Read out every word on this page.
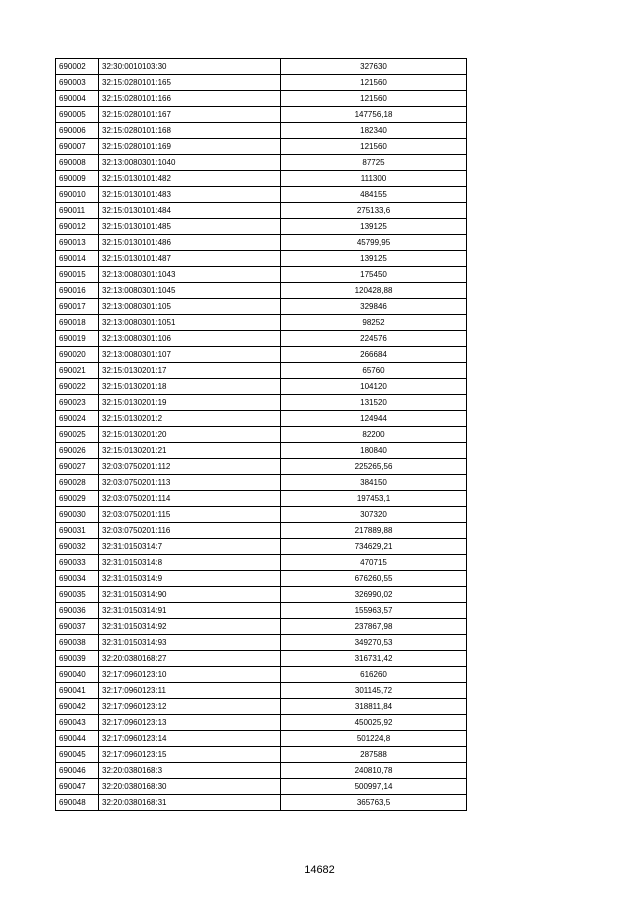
690002	32:30:0010103:30	327630
690003	32:15:0280101:165	121560
690004	32:15:0280101:166	121560
690005	32:15:0280101:167	147756,18
690006	32:15:0280101:168	182340
690007	32:15:0280101:169	121560
690008	32:13:0080301:1040	87725
690009	32:15:0130101:482	111300
690010	32:15:0130101:483	484155
690011	32:15:0130101:484	275133,6
690012	32:15:0130101:485	139125
690013	32:15:0130101:486	45799,95
690014	32:15:0130101:487	139125
690015	32:13:0080301:1043	175450
690016	32:13:0080301:1045	120428,88
690017	32:13:0080301:105	329846
690018	32:13:0080301:1051	98252
690019	32:13:0080301:106	224576
690020	32:13:0080301:107	266684
690021	32:15:0130201:17	65760
690022	32:15:0130201:18	104120
690023	32:15:0130201:19	131520
690024	32:15:0130201:2	124944
690025	32:15:0130201:20	82200
690026	32:15:0130201:21	180840
690027	32:03:0750201:112	225265,56
690028	32:03:0750201:113	384150
690029	32:03:0750201:114	197453,1
690030	32:03:0750201:115	307320
690031	32:03:0750201:116	217889,88
690032	32:31:0150314:7	734629,21
690033	32:31:0150314:8	470715
690034	32:31:0150314:9	676260,55
690035	32:31:0150314:90	326990,02
690036	32:31:0150314:91	155963,57
690037	32:31:0150314:92	237867,98
690038	32:31:0150314:93	349270,53
690039	32:20:0380168:27	316731,42
690040	32:17:0960123:10	616260
690041	32:17:0960123:11	301145,72
690042	32:17:0960123:12	318811,84
690043	32:17:0960123:13	450025,92
690044	32:17:0960123:14	501224,8
690045	32:17:0960123:15	287588
690046	32:20:0380168:3	240810,78
690047	32:20:0380168:30	500997,14
690048	32:20:0380168:31	365763,5
14682
